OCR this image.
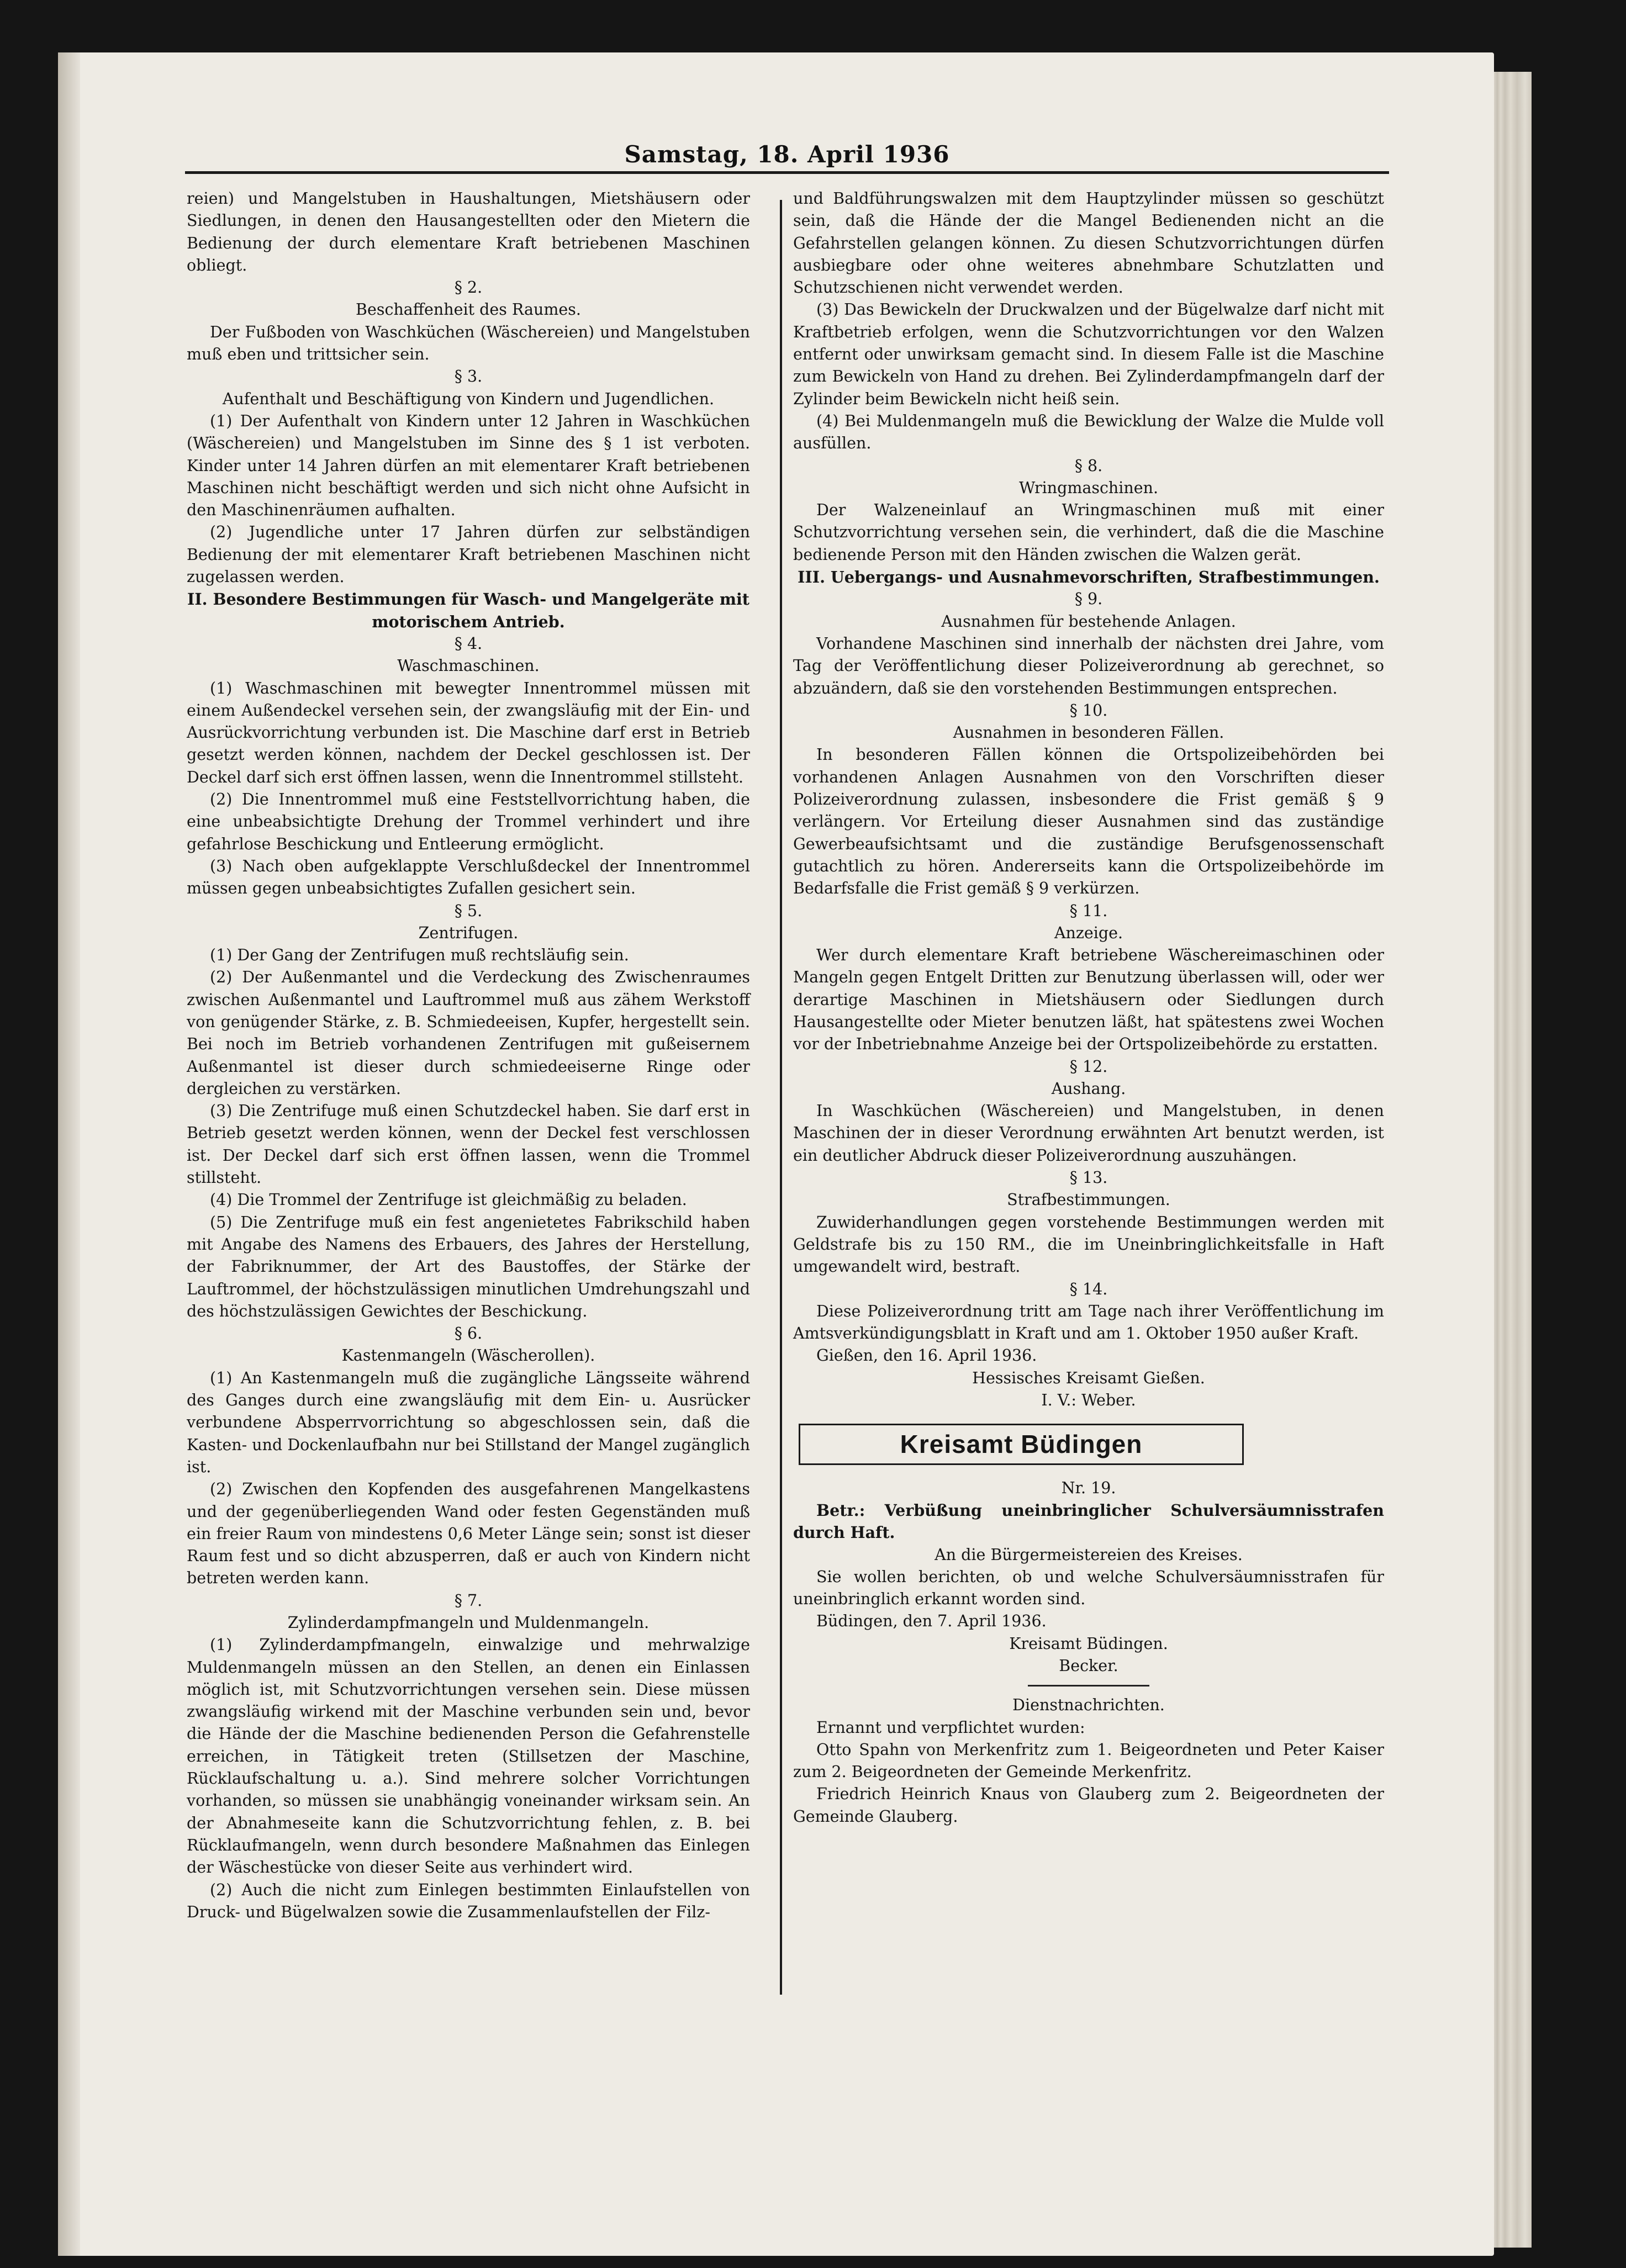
Samstag, 18. April 1936

reien) und Mangelstuben in Haushaltungen, Mietshäusern oder Siedlungen, in denen den Hausangestellten oder den Mietern die Bedienung der durch elementare Kraft betriebenen Maschinen obliegt.

§ 2.

Beschaffenheit des Raumes.

Der Fußboden von Waschküchen (Wäschereien) und Mangelstuben muß eben und trittsicher sein.

§ 3.

Aufenthalt und Beschäftigung von Kindern und Jugendlichen.

(1) Der Aufenthalt von Kindern unter 12 Jahren in Waschküchen (Wäschereien) und Mangelstuben im Sinne des § 1 ist verboten. Kinder unter 14 Jahren dürfen an mit elementarer Kraft betriebenen Maschinen nicht beschäftigt werden und sich nicht ohne Aufsicht in den Maschinenräumen aufhalten.

(2) Jugendliche unter 17 Jahren dürfen zur selbständigen Bedienung der mit elementarer Kraft betriebenen Maschinen nicht zugelassen werden.

II. Besondere Bestimmungen für Wasch- und Mangelgeräte mit motorischem Antrieb.

§ 4.

Waschmaschinen.

(1) Waschmaschinen mit bewegter Innentrommel müssen mit einem Außendeckel versehen sein, der zwangsläufig mit der Ein- und Ausrückvorrichtung verbunden ist. Die Maschine darf erst in Betrieb gesetzt werden können, nachdem der Deckel geschlossen ist. Der Deckel darf sich erst öffnen lassen, wenn die Innentrommel stillsteht.

(2) Die Innentrommel muß eine Feststellvorrichtung haben, die eine unbeabsichtigte Drehung der Trommel verhindert und ihre gefahrlose Beschickung und Entleerung ermöglicht.

(3) Nach oben aufgeklappte Verschlußdeckel der Innentrommel müssen gegen unbeabsichtigtes Zufallen gesichert sein.

§ 5.

Zentrifugen.

(1) Der Gang der Zentrifugen muß rechtsläufig sein.

(2) Der Außenmantel und die Verdeckung des Zwischenraumes zwischen Außenmantel und Lauftrommel muß aus zähem Werkstoff von genügender Stärke, z. B. Schmiedeeisen, Kupfer, hergestellt sein. Bei noch im Betrieb vorhandenen Zentrifugen mit gußeisernem Außenmantel ist dieser durch schmiedeeiserne Ringe oder dergleichen zu verstärken.

(3) Die Zentrifuge muß einen Schutzdeckel haben. Sie darf erst in Betrieb gesetzt werden können, wenn der Deckel fest verschlossen ist. Der Deckel darf sich erst öffnen lassen, wenn die Trommel stillsteht.

(4) Die Trommel der Zentrifuge ist gleichmäßig zu beladen.

(5) Die Zentrifuge muß ein fest angenietetes Fabrikschild haben mit Angabe des Namens des Erbauers, des Jahres der Herstellung, der Fabriknummer, der Art des Baustoffes, der Stärke der Lauftrommel, der höchstzulässigen minutlichen Umdrehungszahl und des höchstzulässigen Gewichtes der Beschickung.

§ 6.

Kastenmangeln (Wäscherollen).

(1) An Kastenmangeln muß die zugängliche Längsseite während des Ganges durch eine zwangsläufig mit dem Ein- u. Ausrücker verbundene Absperrvorrichtung so abgeschlossen sein, daß die Kasten- und Dockenlaufbahn nur bei Stillstand der Mangel zugänglich ist.

(2) Zwischen den Kopfenden des ausgefahrenen Mangelkastens und der gegenüberliegenden Wand oder festen Gegenständen muß ein freier Raum von mindestens 0,6 Meter Länge sein; sonst ist dieser Raum fest und so dicht abzusperren, daß er auch von Kindern nicht betreten werden kann.

§ 7.

Zylinderdampfmangeln und Muldenmangeln.

(1) Zylinderdampfmangeln, einwalzige und mehrwalzige Muldenmangeln müssen an den Stellen, an denen ein Einlassen möglich ist, mit Schutzvorrichtungen versehen sein. Diese müssen zwangsläufig wirkend mit der Maschine verbunden sein und, bevor die Hände der die Maschine bedienenden Person die Gefahrenstelle erreichen, in Tätigkeit treten (Stillsetzen der Maschine, Rücklaufschaltung u. a.). Sind mehrere solcher Vorrichtungen vorhanden, so müssen sie unabhängig voneinander wirksam sein. An der Abnahmeseite kann die Schutzvorrichtung fehlen, z. B. bei Rücklaufmangeln, wenn durch besondere Maßnahmen das Einlegen der Wäschestücke von dieser Seite aus verhindert wird.

(2) Auch die nicht zum Einlegen bestimmten Einlaufstellen von Druck- und Bügelwalzen sowie die Zusammenlaufstellen der Filz-

und Baldführungswalzen mit dem Hauptzylinder müssen so geschützt sein, daß die Hände der die Mangel Bedienenden nicht an die Gefahrstellen gelangen können. Zu diesen Schutzvorrichtungen dürfen ausbiegbare oder ohne weiteres abnehmbare Schutzlatten und Schutzschienen nicht verwendet werden.

(3) Das Bewickeln der Druckwalzen und der Bügelwalze darf nicht mit Kraftbetrieb erfolgen, wenn die Schutzvorrichtungen vor den Walzen entfernt oder unwirksam gemacht sind. In diesem Falle ist die Maschine zum Bewickeln von Hand zu drehen. Bei Zylinderdampfmangeln darf der Zylinder beim Bewickeln nicht heiß sein.

(4) Bei Muldenmangeln muß die Bewicklung der Walze die Mulde voll ausfüllen.

§ 8.

Wringmaschinen.

Der Walzeneinlauf an Wringmaschinen muß mit einer Schutzvorrichtung versehen sein, die verhindert, daß die die Maschine bedienende Person mit den Händen zwischen die Walzen gerät.

III. Uebergangs- und Ausnahmevorschriften, Strafbestimmungen.

§ 9.

Ausnahmen für bestehende Anlagen.

Vorhandene Maschinen sind innerhalb der nächsten drei Jahre, vom Tag der Veröffentlichung dieser Polizeiverordnung ab gerechnet, so abzuändern, daß sie den vorstehenden Bestimmungen entsprechen.

§ 10.

Ausnahmen in besonderen Fällen.

In besonderen Fällen können die Ortspolizeibehörden bei vorhandenen Anlagen Ausnahmen von den Vorschriften dieser Polizeiverordnung zulassen, insbesondere die Frist gemäß § 9 verlängern. Vor Erteilung dieser Ausnahmen sind das zuständige Gewerbeaufsichtsamt und die zuständige Berufsgenossenschaft gutachtlich zu hören. Andererseits kann die Ortspolizeibehörde im Bedarfsfalle die Frist gemäß § 9 verkürzen.

§ 11.

Anzeige.

Wer durch elementare Kraft betriebene Wäschereimaschinen oder Mangeln gegen Entgelt Dritten zur Benutzung überlassen will, oder wer derartige Maschinen in Mietshäusern oder Siedlungen durch Hausangestellte oder Mieter benutzen läßt, hat spätestens zwei Wochen vor der Inbetriebnahme Anzeige bei der Ortspolizeibehörde zu erstatten.

§ 12.

Aushang.

In Waschküchen (Wäschereien) und Mangelstuben, in denen Maschinen der in dieser Verordnung erwähnten Art benutzt werden, ist ein deutlicher Abdruck dieser Polizeiverordnung auszuhängen.

§ 13.

Strafbestimmungen.

Zuwiderhandlungen gegen vorstehende Bestimmungen werden mit Geldstrafe bis zu 150 RM., die im Uneinbringlichkeitsfalle in Haft umgewandelt wird, bestraft.

§ 14.

Diese Polizeiverordnung tritt am Tage nach ihrer Veröffentlichung im Amtsverkündigungsblatt in Kraft und am 1. Oktober 1950 außer Kraft.

Gießen, den 16. April 1936.

Hessisches Kreisamt Gießen.

I. V.: Weber.

Kreisamt Büdingen

Nr. 19.

Betr.: Verbüßung uneinbringlicher Schulversäumnisstrafen durch Haft.

An die Bürgermeistereien des Kreises.

Sie wollen berichten, ob und welche Schulversäumnisstrafen für uneinbringlich erkannt worden sind.

Büdingen, den 7. April 1936.

Kreisamt Büdingen.

Becker.

Dienstnachrichten.

Ernannt und verpflichtet wurden:

Otto Spahn von Merkenfritz zum 1. Beigeordneten und Peter Kaiser zum 2. Beigeordneten der Gemeinde Merkenfritz.

Friedrich Heinrich Knaus von Glauberg zum 2. Beigeordneten der Gemeinde Glauberg.
